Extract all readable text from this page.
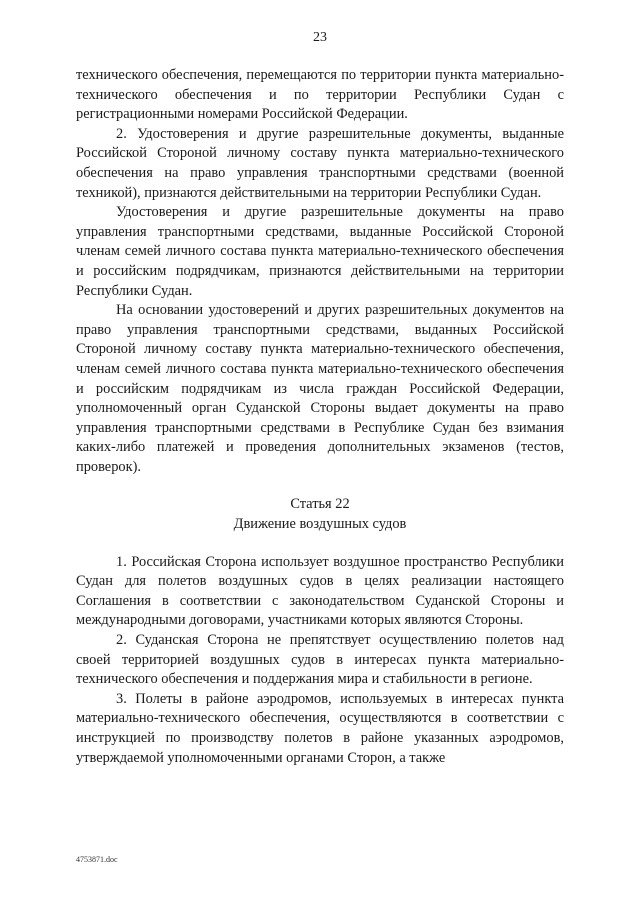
23

технического обеспечения, перемещаются по территории пункта материально-технического обеспечения и по территории Республики Судан с регистрационными номерами Российской Федерации.

2. Удостоверения и другие разрешительные документы, выданные Российской Стороной личному составу пункта материально-технического обеспечения на право управления транспортными средствами (военной техникой), признаются действительными на территории Республики Судан.

Удостоверения и другие разрешительные документы на право управления транспортными средствами, выданные Российской Стороной членам семей личного состава пункта материально-технического обеспечения и российским подрядчикам, признаются действительными на территории Республики Судан.

На основании удостоверений и других разрешительных документов на право управления транспортными средствами, выданных Российской Стороной личному составу пункта материально-технического обеспечения, членам семей личного состава пункта материально-технического обеспечения и российским подрядчикам из числа граждан Российской Федерации, уполномоченный орган Суданской Стороны выдает документы на право управления транспортными средствами в Республике Судан без взимания каких-либо платежей и проведения дополнительных экзаменов (тестов, проверок).

Статья 22
Движение воздушных судов

1. Российская Сторона использует воздушное пространство Республики Судан для полетов воздушных судов в целях реализации настоящего Соглашения в соответствии с законодательством Суданской Стороны и международными договорами, участниками которых являются Стороны.

2. Суданская Сторона не препятствует осуществлению полетов над своей территорией воздушных судов в интересах пункта материально-технического обеспечения и поддержания мира и стабильности в регионе.

3. Полеты в районе аэродромов, используемых в интересах пункта материально-технического обеспечения, осуществляются в соответствии с инструкцией по производству полетов в районе указанных аэродромов, утверждаемой уполномоченными органами Сторон, а также

4753871.doc
